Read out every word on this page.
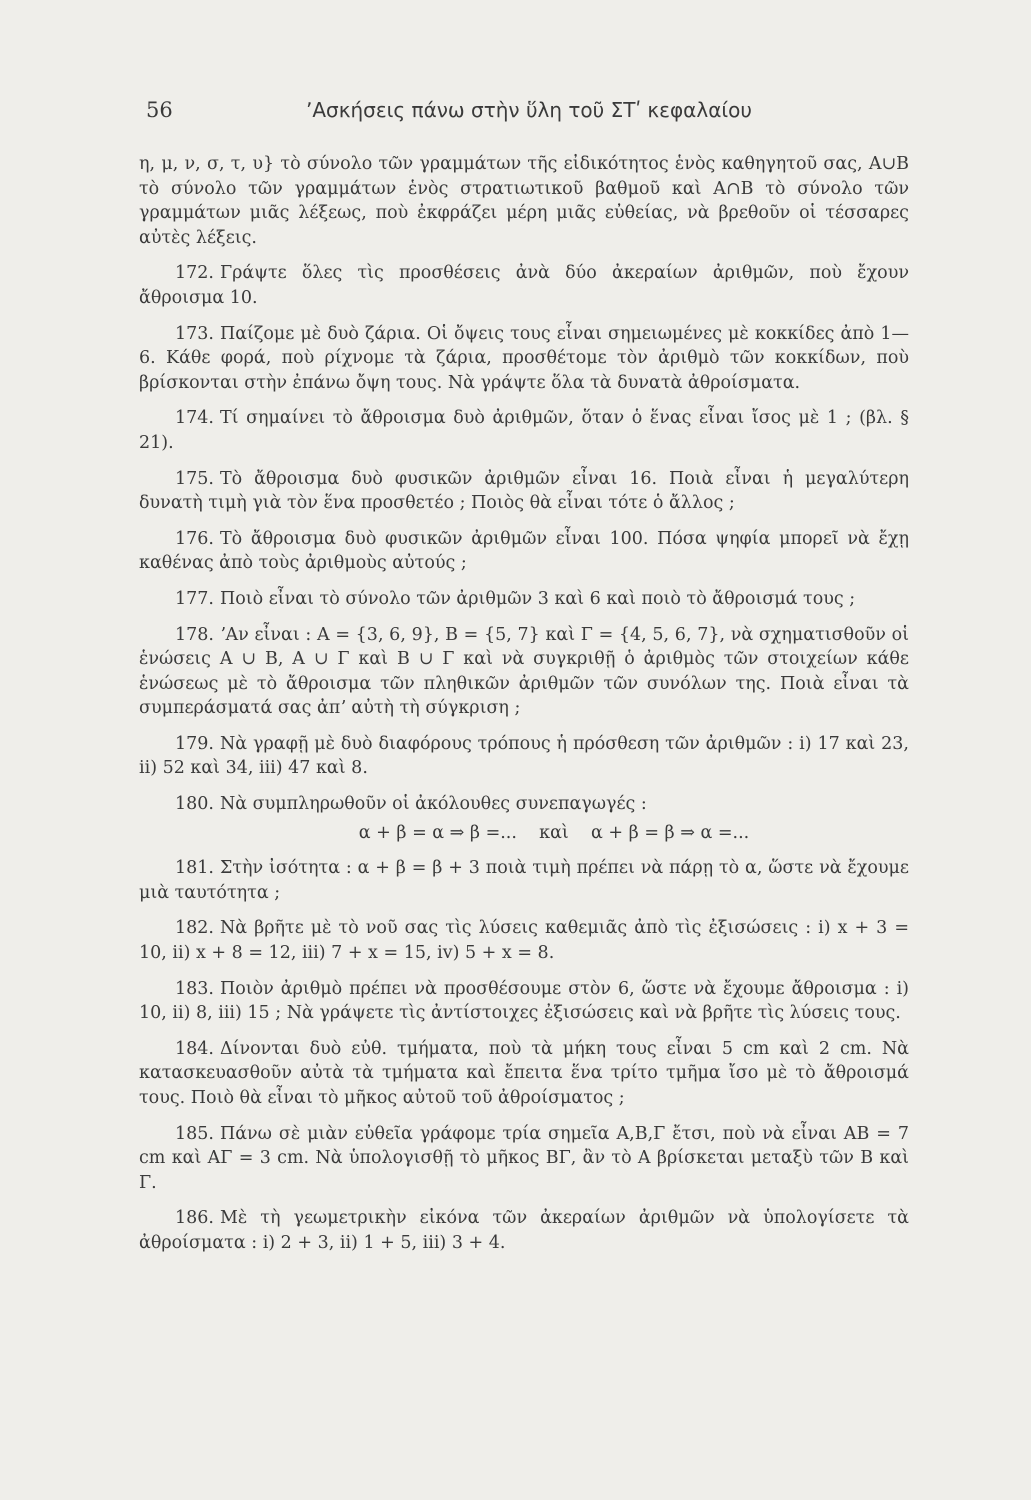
56	ʼΑσκήσεις πάνω στὴν ὕλη τοῦ ΣΤʹ κεφαλαίου

η, μ, ν, σ, τ, υ} τὸ σύνολο τῶν γραμμάτων τῆς εἰδικότητος ἑνὸς καθηγητοῦ σας, A∪B τὸ σύνολο τῶν γραμμάτων ἑνὸς στρατιωτικοῦ βαθμοῦ καὶ A∩B τὸ σύνολο τῶν γραμμάτων μιᾶς λέξεως, ποὺ ἐκφράζει μέρη μιᾶς εὐθείας, νὰ βρεθοῦν οἱ τέσσαρες αὐτὲς λέξεις.

172. Γράψτε ὅλες τὶς προσθέσεις ἀνὰ δύο ἀκεραίων ἀριθμῶν, ποὺ ἔχουν ἄθροισμα 10.

173. Παίζομε μὲ δυὸ ζάρια. Οἱ ὄψεις τους εἶναι σημειωμένες μὲ κοκκίδες ἀπὸ 1—6. Κάθε φορά, ποὺ ρίχνομε τὰ ζάρια, προσθέτομε τὸν ἀριθμὸ τῶν κοκκίδων, ποὺ βρίσκονται στὴν ἐπάνω ὄψη τους. Νὰ γράψτε ὅλα τὰ δυνατὰ ἀθροίσματα.

174. Τί σημαίνει τὸ ἄθροισμα δυὸ ἀριθμῶν, ὅταν ὁ ἕνας εἶναι ἴσος μὲ 1 ; (βλ. § 21).

175. Τὸ ἄθροισμα δυὸ φυσικῶν ἀριθμῶν εἶναι 16. Ποιὰ εἶναι ἡ μεγαλύτερη δυνατὴ τιμὴ γιὰ τὸν ἕνα προσθετέο ; Ποιὸς θὰ εἶναι τότε ὁ ἄλλος ;

176. Τὸ ἄθροισμα δυὸ φυσικῶν ἀριθμῶν εἶναι 100. Πόσα ψηφία μπορεῖ νὰ ἔχῃ καθένας ἀπὸ τοὺς ἀριθμοὺς αὐτούς ;

177. Ποιὸ εἶναι τὸ σύνολο τῶν ἀριθμῶν 3 καὶ 6 καὶ ποιὸ τὸ ἄθροισμά τους ;

178. ʼΑν εἶναι : A = {3, 6, 9}, B = {5, 7} καὶ Γ = {4, 5, 6, 7}, νὰ σχηματισθοῦν οἱ ἑνώσεις A ∪ B, A ∪ Γ καὶ B ∪ Γ καὶ νὰ συγκριθῇ ὁ ἀριθμὸς τῶν στοιχείων κάθε ἑνώσεως μὲ τὸ ἄθροισμα τῶν πληθικῶν ἀριθμῶν τῶν συνόλων της. Ποιὰ εἶναι τὰ συμπεράσματά σας ἀπʼ αὐτὴ τὴ σύγκριση ;

179. Νὰ γραφῇ μὲ δυὸ διαφόρους τρόπους ἡ πρόσθεση τῶν ἀριθμῶν : i) 17 καὶ 23, ii) 52 καὶ 34, iii) 47 καὶ 8.

180. Νὰ συμπληρωθοῦν οἱ ἀκόλουθες συνεπαγωγές :

α + β = α ⇒ β =...    καὶ    α + β = β ⇒ α =...

181. Στὴν ἰσότητα : α + β = β + 3 ποιὰ τιμὴ πρέπει νὰ πάρῃ τὸ α, ὥστε νὰ ἔχουμε μιὰ ταυτότητα ;

182. Νὰ βρῆτε μὲ τὸ νοῦ σας τὶς λύσεις καθεμιᾶς ἀπὸ τὶς ἐξισώσεις : i) x + 3 = 10, ii) x + 8 = 12, iii) 7 + x = 15, iv) 5 + x = 8.

183. Ποιὸν ἀριθμὸ πρέπει νὰ προσθέσουμε στὸν 6, ὥστε νὰ ἔχουμε ἄθροισμα : i) 10, ii) 8, iii) 15 ; Νὰ γράψετε τὶς ἀντίστοιχες ἐξισώσεις καὶ νὰ βρῆτε τὶς λύσεις τους.

184. Δίνονται δυὸ εὐθ. τμήματα, ποὺ τὰ μήκη τους εἶναι 5 cm καὶ 2 cm. Νὰ κατασκευασθοῦν αὐτὰ τὰ τμήματα καὶ ἔπειτα ἕνα τρίτο τμῆμα ἴσο μὲ τὸ ἄθροισμά τους. Ποιὸ θὰ εἶναι τὸ μῆκος αὐτοῦ τοῦ ἀθροίσματος ;

185. Πάνω σὲ μιὰν εὐθεῖα γράφομε τρία σημεῖα A,B,Γ ἔτσι, ποὺ νὰ εἶναι AB = 7 cm καὶ AΓ = 3 cm. Νὰ ὑπολογισθῇ τὸ μῆκος BΓ, ἂν τὸ A βρίσκεται μεταξὺ τῶν B καὶ Γ.

186. Μὲ τὴ γεωμετρικὴν εἰκόνα τῶν ἀκεραίων ἀριθμῶν νὰ ὑπολογίσετε τὰ ἀθροίσματα : i) 2 + 3, ii) 1 + 5, iii) 3 + 4.
